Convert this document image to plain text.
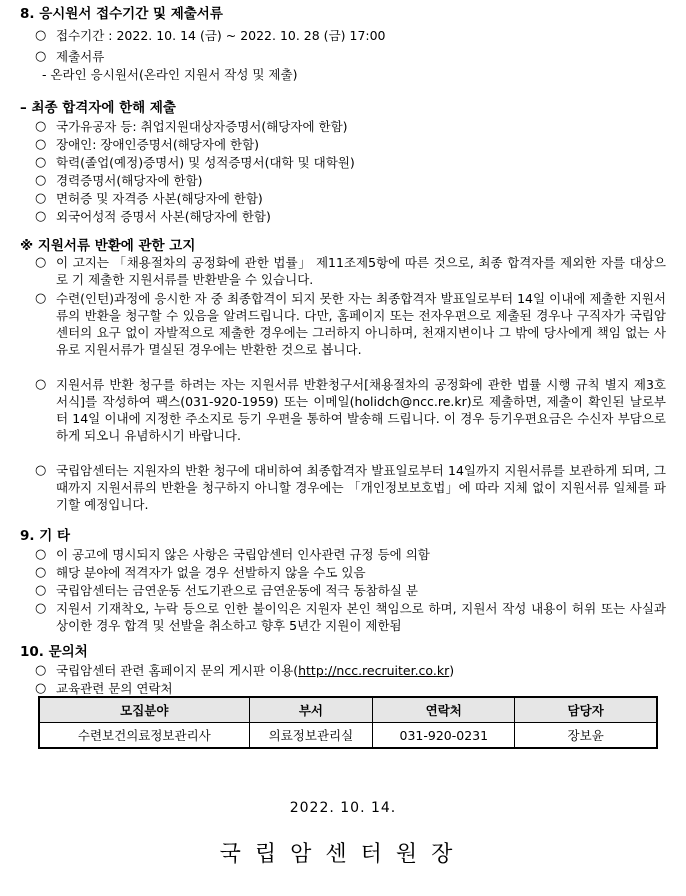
8. 응시원서 접수기간 및 제출서류
○ 접수기간 : 2022. 10. 14 (금) ~ 2022. 10. 28 (금) 17:00
○ 제출서류
- 온라인 응시원서(온라인 지원서 작성 및 제출)
– 최종 합격자에 한해 제출
○ 국가유공자 등: 취업지원대상자증명서(해당자에 한함)
○ 장애인: 장애인증명서(해당자에 한함)
○ 학력(졸업(예정)증명서) 및 성적증명서(대학 및 대학원)
○ 경력증명서(해당자에 한함)
○ 면허증 및 자격증 사본(해당자에 한함)
○ 외국어성적 증명서 사본(해당자에 한함)
※ 지원서류 반환에 관한 고지
○ 이 고지는 「채용절차의 공정화에 관한 법률」 제11조제5항에 따른 것으로, 최종 합격자를 제외한 자를 대상으로 기 제출한 지원서류를 반환받을 수 있습니다.
○ 수련(인턴)과정에 응시한 자 중 최종합격이 되지 못한 자는 최종합격자 발표일로부터 14일 이내에 제출한 지원서류의 반환을 청구할 수 있음을 알려드립니다. 다만, 홈페이지 또는 전자우편으로 제출된 경우나 구직자가 국립암센터의 요구 없이 자발적으로 제출한 경우에는 그러하지 아니하며, 천재지변이나 그 밖에 당사에게 책임 없는 사유로 지원서류가 멸실된 경우에는 반환한 것으로 봅니다.
○ 지원서류 반환 청구를 하려는 자는 지원서류 반환청구서[채용절차의 공정화에 관한 법률 시행 규칙 별지 제3호 서식]를 작성하여 팩스(031-920-1959) 또는 이메일(holidch@ncc.re.kr)로 제출하면, 제출이 확인된 날로부터 14일 이내에 지정한 주소지로 등기 우편을 통하여 발송해 드립니다. 이 경우 등기우편요금은 수신자 부담으로 하게 되오니 유념하시기 바랍니다.
○ 국립암센터는 지원자의 반환 청구에 대비하여 최종합격자 발표일로부터 14일까지 지원서류를 보관하게 되며, 그때까지 지원서류의 반환을 청구하지 아니할 경우에는 「개인정보보호법」에 따라 지체 없이 지원서류 일체를 파기할 예정입니다.
9. 기 타
○ 이 공고에 명시되지 않은 사항은 국립암센터 인사관련 규정 등에 의함
○ 해당 분야에 적격자가 없을 경우 선발하지 않을 수도 있음
○ 국립암센터는 금연운동 선도기관으로 금연운동에 적극 동참하실 분
○ 지원서 기재착오, 누락 등으로 인한 불이익은 지원자 본인 책임으로 하며, 지원서 작성 내용이 허위 또는 사실과 상이한 경우 합격 및 선발을 취소하고 향후 5년간 지원이 제한됨
10. 문의처
○ 국립암센터 관련 홈페이지 문의 게시판 이용(http://ncc.recruiter.co.kr)
○ 교육관련 문의 연락처
모집분야	부서	연락처	담당자
수련보건의료정보관리사	의료정보관리실	031-920-0231	장보윤
2022. 10. 14.
국립암센터원장
